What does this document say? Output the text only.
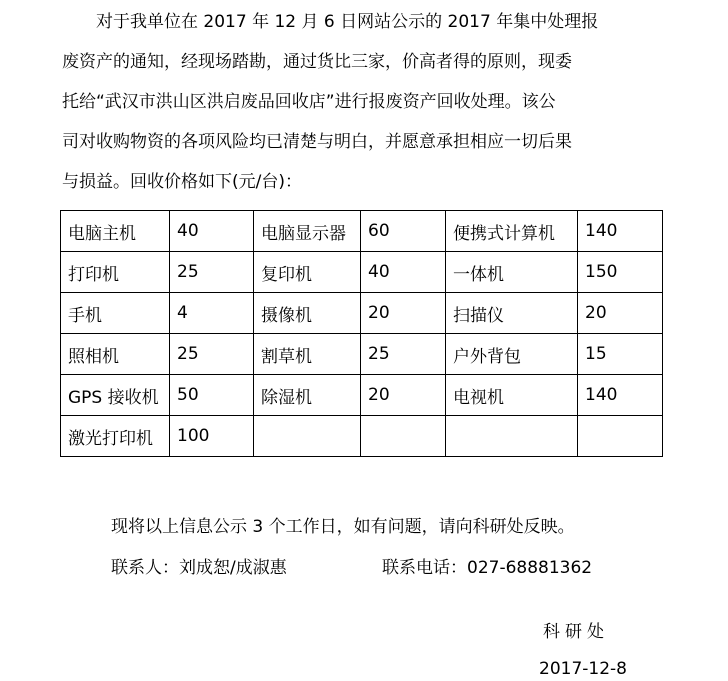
对于我单位在 2017 年 12 月 6 日网站公示的 2017 年集中处理报
废资产的通知，经现场踏勘，通过货比三家，价高者得的原则，现委
托给“武汉市洪山区洪启废品回收店”进行报废资产回收处理。该公
司对收购物资的各项风险均已清楚与明白，并愿意承担相应一切后果
与损益。回收价格如下(元/台)：
电脑主机	40	电脑显示器	60	便携式计算机	140
打印机	25	复印机	40	一体机	150
手机	4	摄像机	20	扫描仪	20
照相机	25	割草机	25	户外背包	15
GPS 接收机	50	除湿机	20	电视机	140
激光打印机	100				
现将以上信息公示 3 个工作日，如有问题，请向科研处反映。
联系人：刘成恕/成淑惠	联系电话：027-68881362
科研处
2017-12-8
